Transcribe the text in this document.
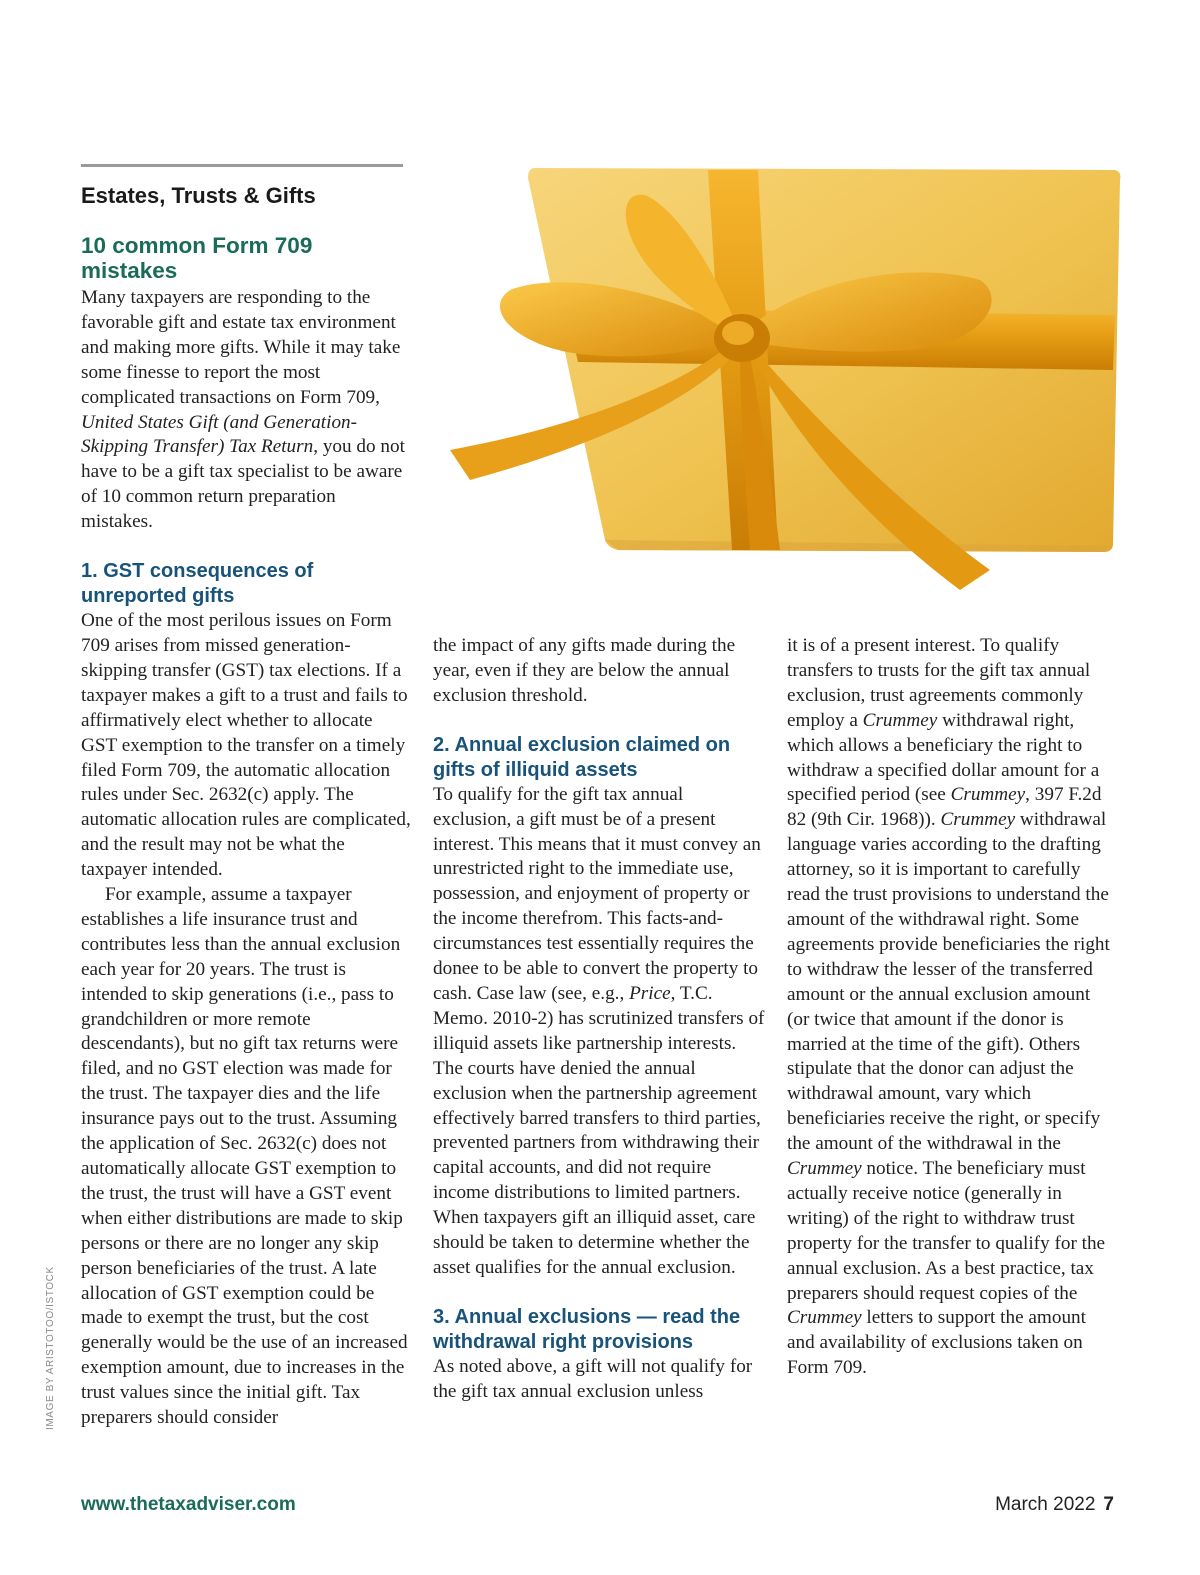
Estates, Trusts & Gifts
10 common Form 709 mistakes

Many taxpayers are responding to the favorable gift and estate tax environment and making more gifts. While it may take some finesse to report the most complicated transactions on Form 709, United States Gift (and Generation-Skipping Transfer) Tax Return, you do not have to be a gift tax specialist to be aware of 10 common return preparation mistakes.

1. GST consequences of unreported gifts

One of the most perilous issues on Form 709 arises from missed generation-skipping transfer (GST) tax elections. If a taxpayer makes a gift to a trust and fails to affirmatively elect whether to allocate GST exemption to the transfer on a timely filed Form 709, the automatic allocation rules under Sec. 2632(c) apply. The automatic allocation rules are complicated, and the result may not be what the taxpayer intended.

For example, assume a taxpayer establishes a life insurance trust and contributes less than the annual exclusion each year for 20 years. The trust is intended to skip generations (i.e., pass to grandchildren or more remote descendants), but no gift tax returns were filed, and no GST election was made for the trust. The taxpayer dies and the life insurance pays out to the trust. Assuming the application of Sec. 2632(c) does not automatically allocate GST exemption to the trust, the trust will have a GST event when either distributions are made to skip persons or there are no longer any skip person beneficiaries of the trust. A late allocation of GST exemption could be made to exempt the trust, but the cost generally would be the use of an increased exemption amount, due to increases in the trust values since the initial gift. Tax preparers should consider

the impact of any gifts made during the year, even if they are below the annual exclusion threshold.

2. Annual exclusion claimed on gifts of illiquid assets

To qualify for the gift tax annual exclusion, a gift must be of a present interest. This means that it must convey an unrestricted right to the immediate use, possession, and enjoyment of property or the income therefrom. This facts-and-circumstances test essentially requires the donee to be able to convert the property to cash. Case law (see, e.g., Price, T.C. Memo. 2010-2) has scrutinized transfers of illiquid assets like partnership interests. The courts have denied the annual exclusion when the partnership agreement effectively barred transfers to third parties, prevented partners from withdrawing their capital accounts, and did not require income distributions to limited partners. When taxpayers gift an illiquid asset, care should be taken to determine whether the asset qualifies for the annual exclusion.

3. Annual exclusions — read the withdrawal right provisions

As noted above, a gift will not qualify for the gift tax annual exclusion unless

it is of a present interest. To qualify transfers to trusts for the gift tax annual exclusion, trust agreements commonly employ a Crummey withdrawal right, which allows a beneficiary the right to withdraw a specified dollar amount for a specified period (see Crummey, 397 F.2d 82 (9th Cir. 1968)). Crummey withdrawal language varies according to the drafting attorney, so it is important to carefully read the trust provisions to understand the amount of the withdrawal right. Some agreements provide beneficiaries the right to withdraw the lesser of the transferred amount or the annual exclusion amount (or twice that amount if the donor is married at the time of the gift). Others stipulate that the donor can adjust the withdrawal amount, vary which beneficiaries receive the right, or specify the amount of the withdrawal in the Crummey notice. The beneficiary must actually receive notice (generally in writing) of the right to withdraw trust property for the transfer to qualify for the annual exclusion. As a best practice, tax preparers should request copies of the Crummey letters to support the amount and availability of exclusions taken on Form 709.

IMAGE BY ARISTOTOO/ISTOCK
www.thetaxadviser.com	March 2022 7
